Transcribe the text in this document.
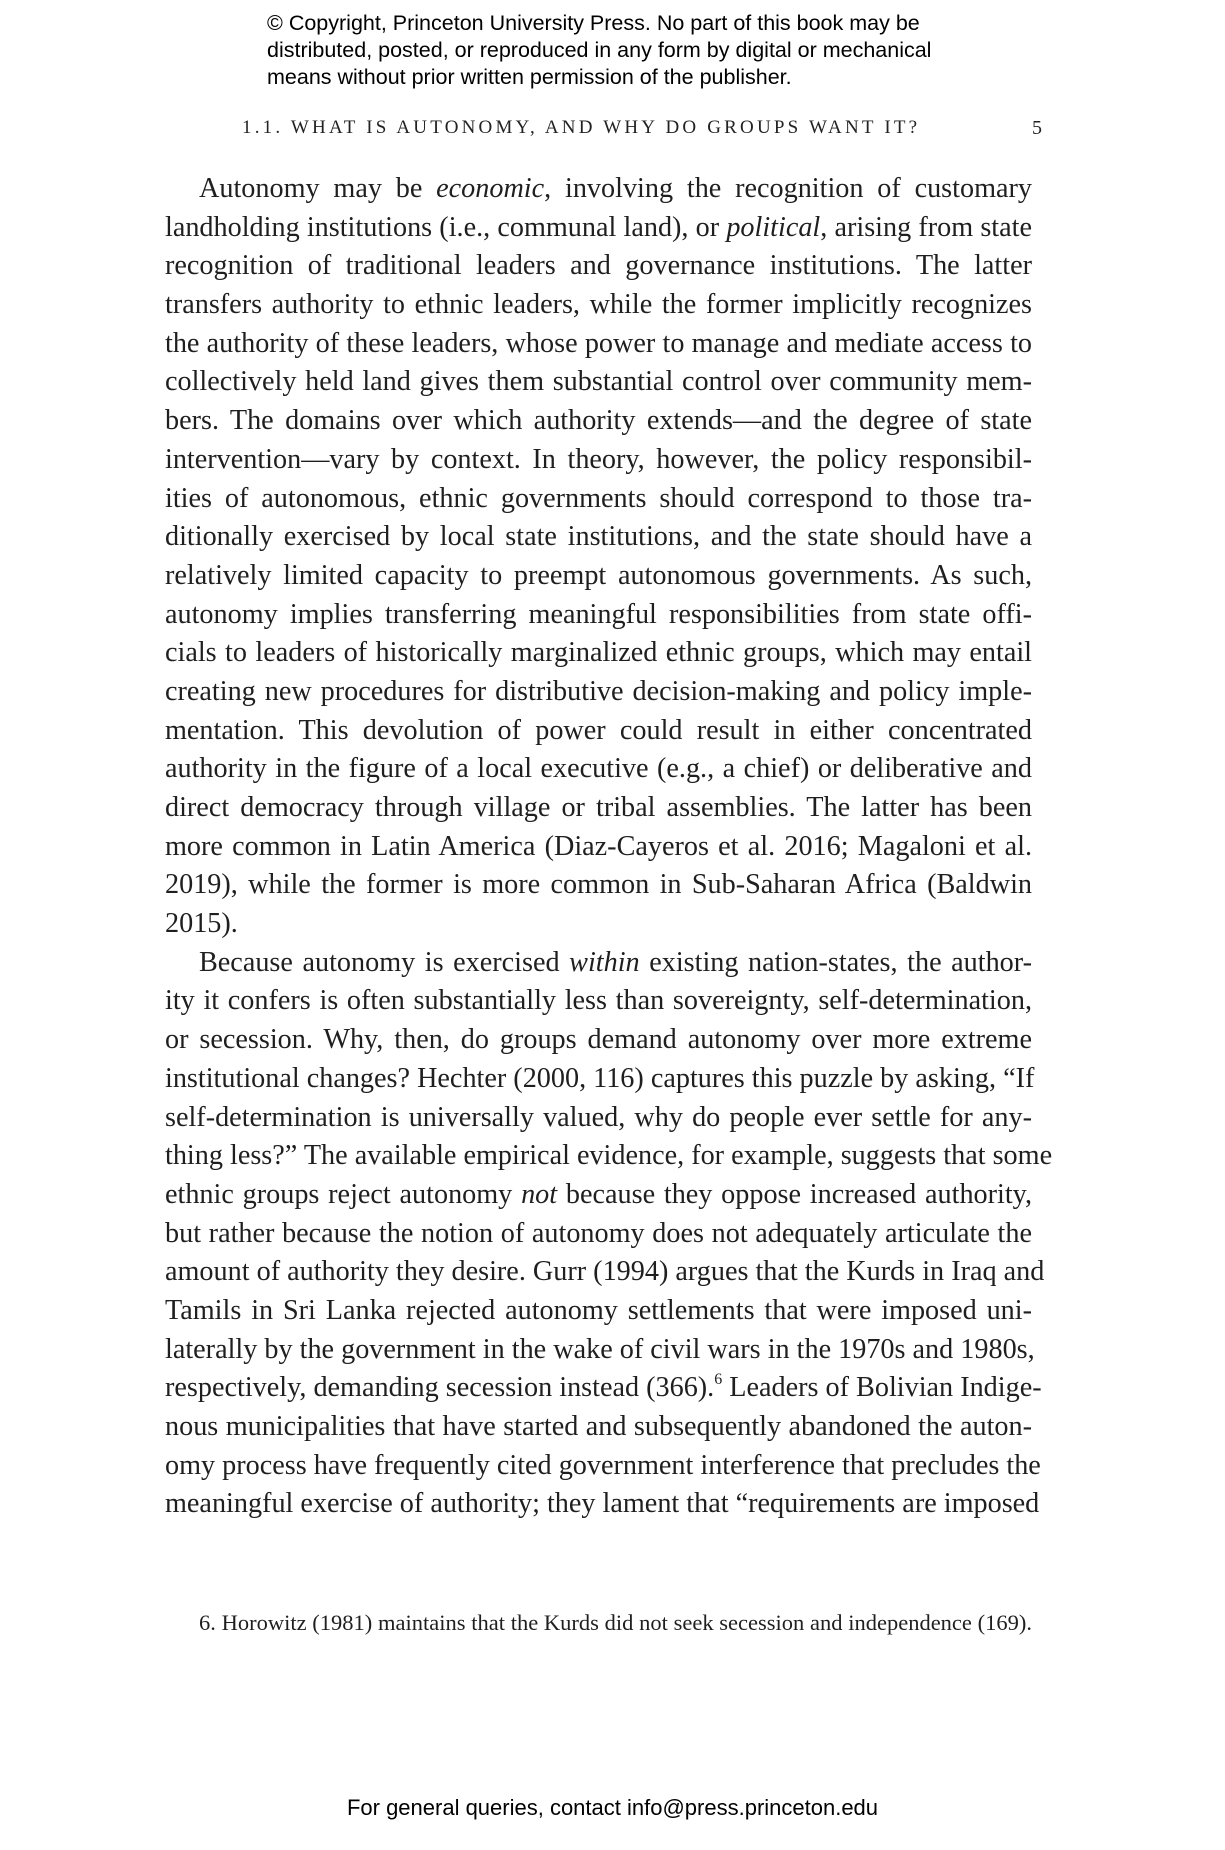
© Copyright, Princeton University Press. No part of this book may be
distributed, posted, or reproduced in any form by digital or mechanical
means without prior written permission of the publisher.
1.1. WHAT IS AUTONOMY, AND WHY DO GROUPS WANT IT?	5
Autonomy may be economic, involving the recognition of customary
landholding institutions (i.e., communal land), or political, arising from state
recognition of traditional leaders and governance institutions. The latter
transfers authority to ethnic leaders, while the former implicitly recognizes
the authority of these leaders, whose power to manage and mediate access to
collectively held land gives them substantial control over community mem-
bers. The domains over which authority extends—and the degree of state
intervention—vary by context. In theory, however, the policy responsibil-
ities of autonomous, ethnic governments should correspond to those tra-
ditionally exercised by local state institutions, and the state should have a
relatively limited capacity to preempt autonomous governments. As such,
autonomy implies transferring meaningful responsibilities from state offi-
cials to leaders of historically marginalized ethnic groups, which may entail
creating new procedures for distributive decision-making and policy imple-
mentation. This devolution of power could result in either concentrated
authority in the figure of a local executive (e.g., a chief) or deliberative and
direct democracy through village or tribal assemblies. The latter has been
more common in Latin America (Diaz-Cayeros et al. 2016; Magaloni et al.
2019), while the former is more common in Sub-Saharan Africa (Baldwin
2015).
Because autonomy is exercised within existing nation-states, the author-
ity it confers is often substantially less than sovereignty, self-determination,
or secession. Why, then, do groups demand autonomy over more extreme
institutional changes? Hechter (2000, 116) captures this puzzle by asking, “If
self-determination is universally valued, why do people ever settle for any-
thing less?” The available empirical evidence, for example, suggests that some
ethnic groups reject autonomy not because they oppose increased authority,
but rather because the notion of autonomy does not adequately articulate the
amount of authority they desire. Gurr (1994) argues that the Kurds in Iraq and
Tamils in Sri Lanka rejected autonomy settlements that were imposed uni-
laterally by the government in the wake of civil wars in the 1970s and 1980s,
respectively, demanding secession instead (366).$^6$ Leaders of Bolivian Indige-
nous municipalities that have started and subsequently abandoned the auton-
omy process have frequently cited government interference that precludes the
meaningful exercise of authority; they lament that “requirements are imposed
6. Horowitz (1981) maintains that the Kurds did not seek secession and independence (169).
For general queries, contact info@press.princeton.edu
